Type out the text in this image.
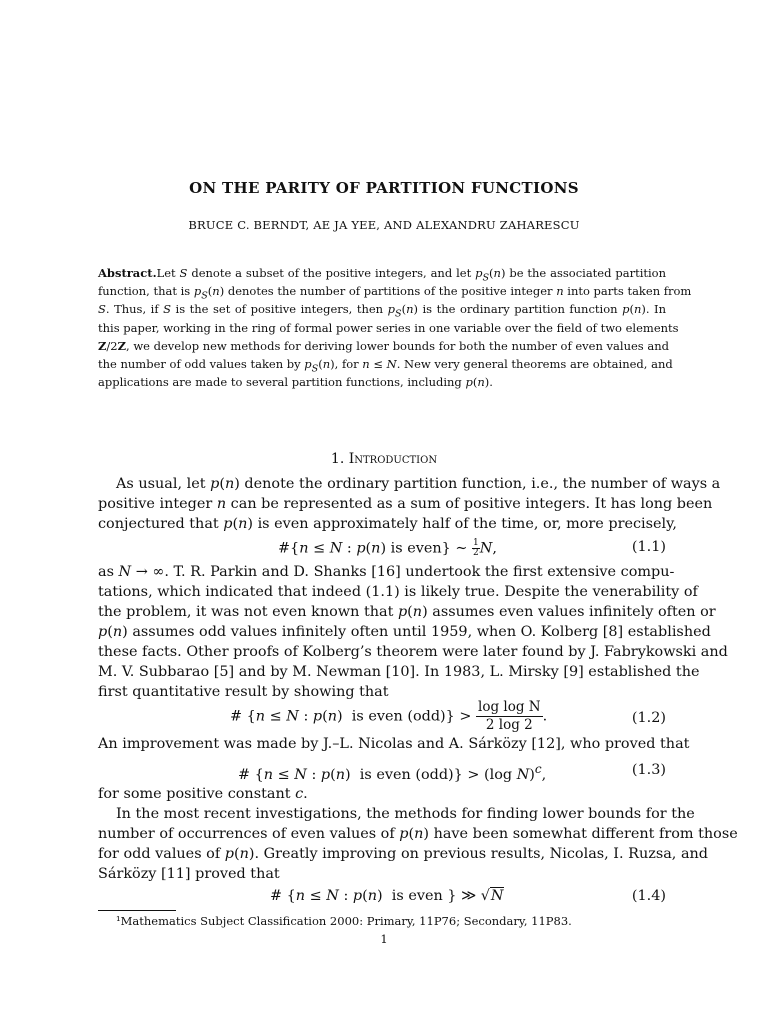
ON THE PARITY OF PARTITION FUNCTIONS
BRUCE C. BERNDT, AE JA YEE, AND ALEXANDRU ZAHARESCU
Abstract.Let S denote a subset of the positive integers, and let $p_S(n)$ be the associated partition
function, that is $p_S(n)$ denotes the number of partitions of the positive integer n into parts taken from
S. Thus, if S is the set of positive integers, then $p_S(n)$ is the ordinary partition function p(n). In
this paper, working in the ring of formal power series in one variable over the field of two elements
Z/2Z, we develop new methods for deriving lower bounds for both the number of even values and
the number of odd values taken by $p_S(n)$, for n ≤ N. New very general theorems are obtained, and
applications are made to several partition functions, including p(n).
1. Introduction
As usual, let p(n) denote the ordinary partition function, i.e., the number of ways a
positive integer n can be represented as a sum of positive integers. It has long been
conjectured that p(n) is even approximately half of the time, or, more precisely,
#{n ≤ N : p(n) is even} ∼ $\frac{1}{2} N$,	(1.1)
as N → ∞. T. R. Parkin and D. Shanks [16] undertook the first extensive compu-
tations, which indicated that indeed (1.1) is likely true. Despite the venerability of
the problem, it was not even known that p(n) assumes even values infinitely often or
p(n) assumes odd values infinitely often until 1959, when O. Kolberg [8] established
these facts. Other proofs of Kolberg’s theorem were later found by J. Fabrykowski and
M. V. Subbarao [5] and by M. Newman [10]. In 1983, L. Mirsky [9] established the
first quantitative result by showing that
# {n ≤ N : p(n)  is even $(odd)\} > \frac{\text{log log N}}{2 \log 2}$ .	(1.2)
An improvement was made by J.–L. Nicolas and A. Sárközy [12], who proved that
# {n ≤ N : p(n)  is even (odd)} > (log N)$^c$,	(1.3)
for some positive constant c.
In the most recent investigations, the methods for finding lower bounds for the
number of occurrences of even values of p(n) have been somewhat different from those
for odd values of p(n). Greatly improving on previous results, Nicolas, I. Ruzsa, and
Sárközy [11] proved that
# {n ≤ N : p(n)  is even } ≫ √N	(1.4)
¹Mathematics Subject Classification 2000: Primary, 11P76; Secondary, 11P83.
1
